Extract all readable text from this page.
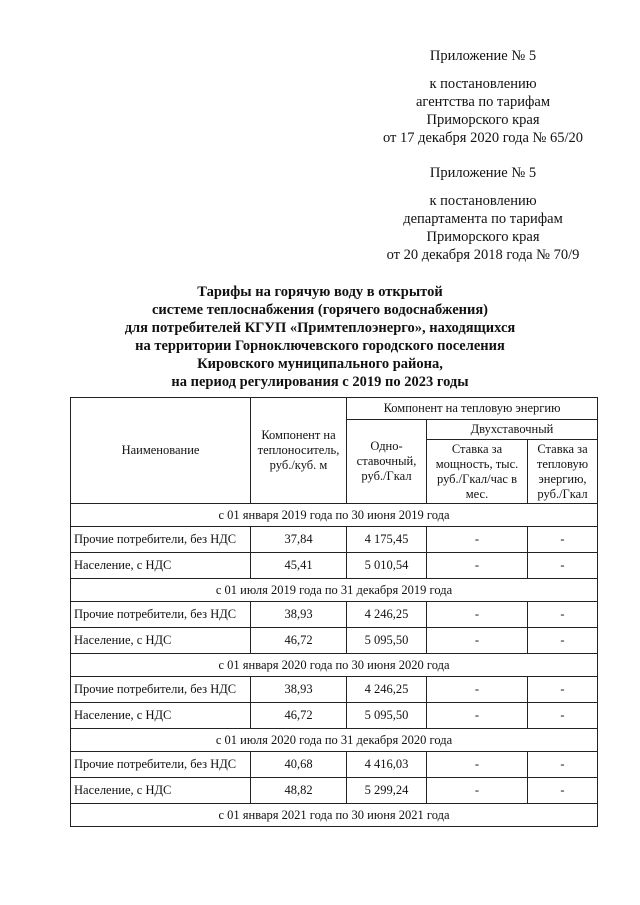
Приложение № 5
к постановлению
агентства по тарифам
Приморского края
от 17 декабря 2020 года № 65/20
Приложение № 5
к постановлению
департамента по тарифам
Приморского края
от 20 декабря 2018 года № 70/9
Тарифы на горячую воду в открытой
системе теплоснабжения (горячего водоснабжения)
для потребителей КГУП «Примтеплоэнерго», находящихся
на территории Горноключевского городского поселения
Кировского муниципального района,
на период регулирования с 2019 по 2023 годы
Наименование	Компонент на теплоноситель, руб./куб. м	Компонент на тепловую энергию		
		Одно-ставочный, руб./Гкал	Двухставочный	
			Ставка за мощность, тыс. руб./Гкал/час в мес.	Ставка за тепловую энергию, руб./Гкал
с 01 января 2019 года по 30 июня 2019 года				
Прочие потребители, без НДС	37,84	4 175,45	-	-
Население, с НДС	45,41	5 010,54	-	-
с 01 июля 2019 года по 31 декабря 2019 года				
Прочие потребители, без НДС	38,93	4 246,25	-	-
Население, с НДС	46,72	5 095,50	-	-
с 01 января 2020 года по 30 июня 2020 года				
Прочие потребители, без НДС	38,93	4 246,25	-	-
Население, с НДС	46,72	5 095,50	-	-
с 01 июля 2020 года по 31 декабря 2020 года				
Прочие потребители, без НДС	40,68	4 416,03	-	-
Население, с НДС	48,82	5 299,24	-	-
с 01 января 2021 года по 30 июня 2021 года				
